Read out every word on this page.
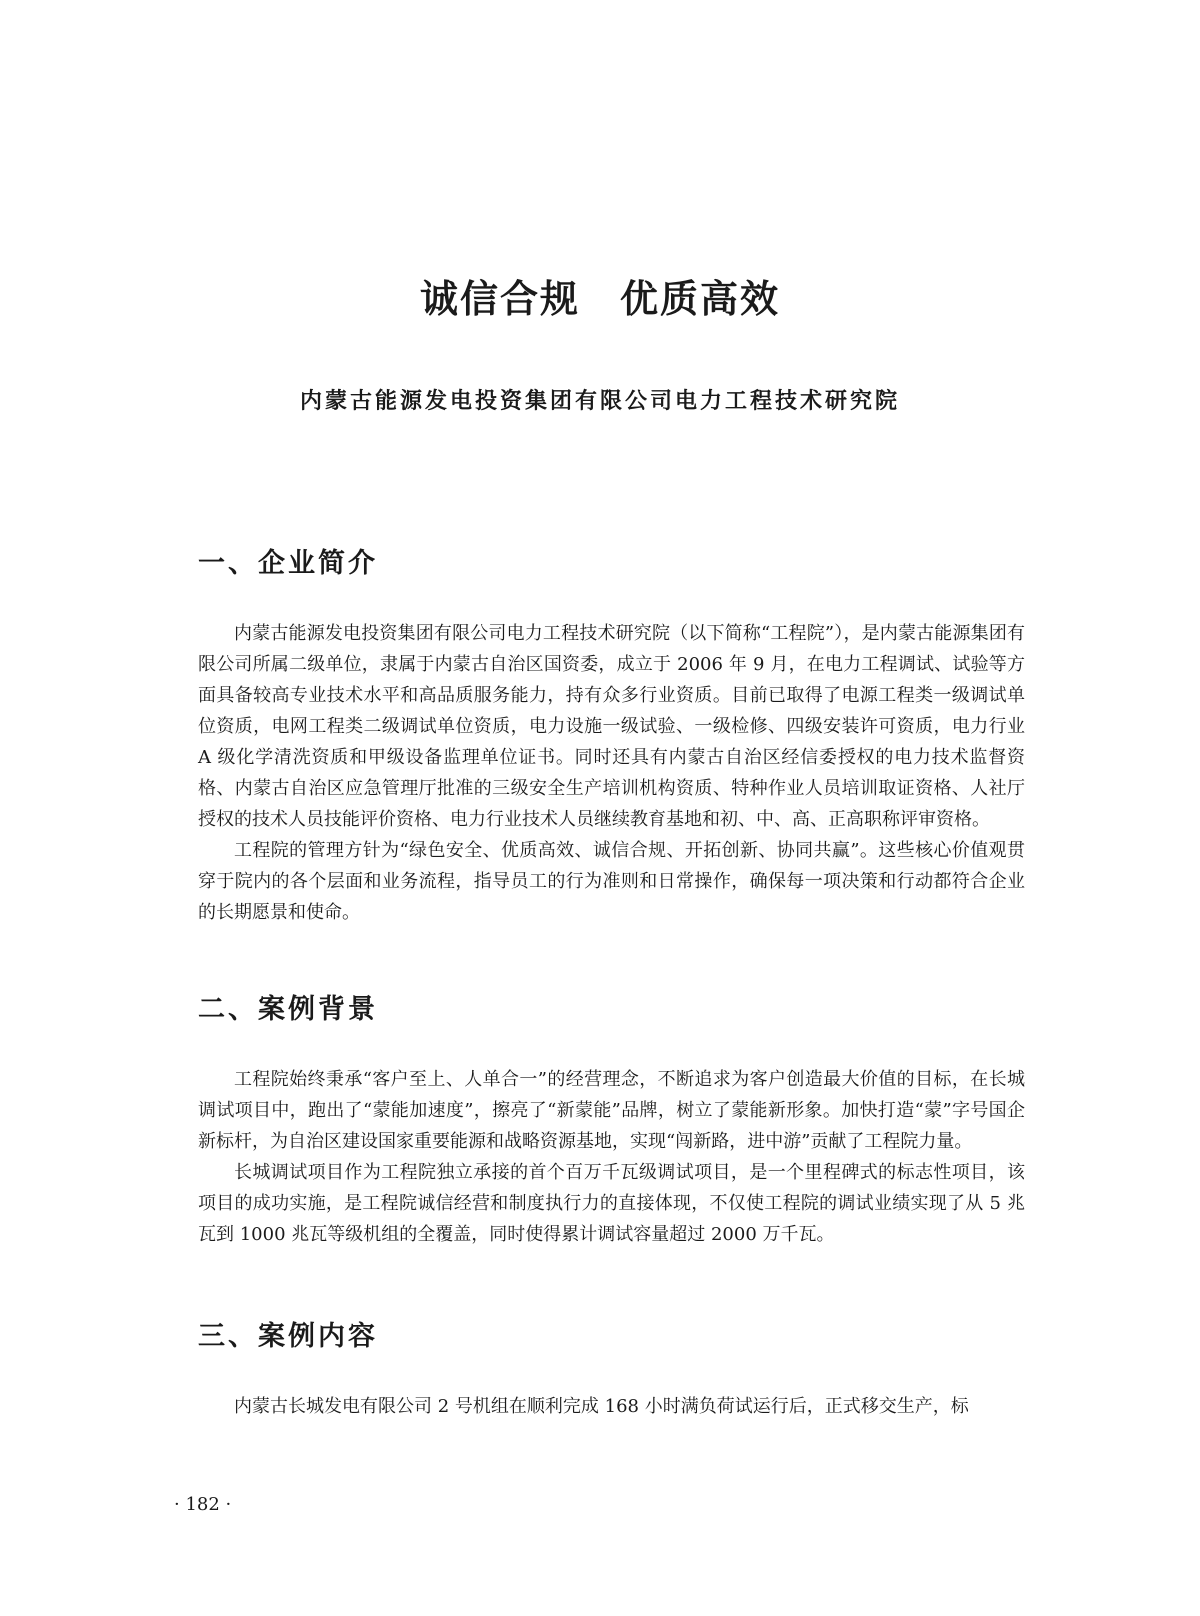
诚信合规　优质高效
内蒙古能源发电投资集团有限公司电力工程技术研究院
一、企业简介

内蒙古能源发电投资集团有限公司电力工程技术研究院（以下简称“工程院”），是内蒙古能源集团有限公司所属二级单位，隶属于内蒙古自治区国资委，成立于 2006 年 9 月，在电力工程调试、试验等方面具备较高专业技术水平和高品质服务能力，持有众多行业资质。目前已取得了电源工程类一级调试单位资质，电网工程类二级调试单位资质，电力设施一级试验、一级检修、四级安装许可资质，电力行业 A 级化学清洗资质和甲级设备监理单位证书。同时还具有内蒙古自治区经信委授权的电力技术监督资格、内蒙古自治区应急管理厅批准的三级安全生产培训机构资质、特种作业人员培训取证资格、人社厅授权的技术人员技能评价资格、电力行业技术人员继续教育基地和初、中、高、正高职称评审资格。

工程院的管理方针为“绿色安全、优质高效、诚信合规、开拓创新、协同共赢”。这些核心价值观贯穿于院内的各个层面和业务流程，指导员工的行为准则和日常操作，确保每一项决策和行动都符合企业的长期愿景和使命。

二、案例背景

工程院始终秉承“客户至上、人单合一”的经营理念，不断追求为客户创造最大价值的目标，在长城调试项目中，跑出了“蒙能加速度”，擦亮了“新蒙能”品牌，树立了蒙能新形象。加快打造“蒙”字号国企新标杆，为自治区建设国家重要能源和战略资源基地，实现“闯新路，进中游”贡献了工程院力量。

长城调试项目作为工程院独立承接的首个百万千瓦级调试项目，是一个里程碑式的标志性项目，该项目的成功实施，是工程院诚信经营和制度执行力的直接体现，不仅使工程院的调试业绩实现了从 5 兆瓦到 1000 兆瓦等级机组的全覆盖，同时使得累计调试容量超过 2000 万千瓦。

三、案例内容

内蒙古长城发电有限公司 2 号机组在顺利完成 168 小时满负荷试运行后，正式移交生产，标

· 182 ·
